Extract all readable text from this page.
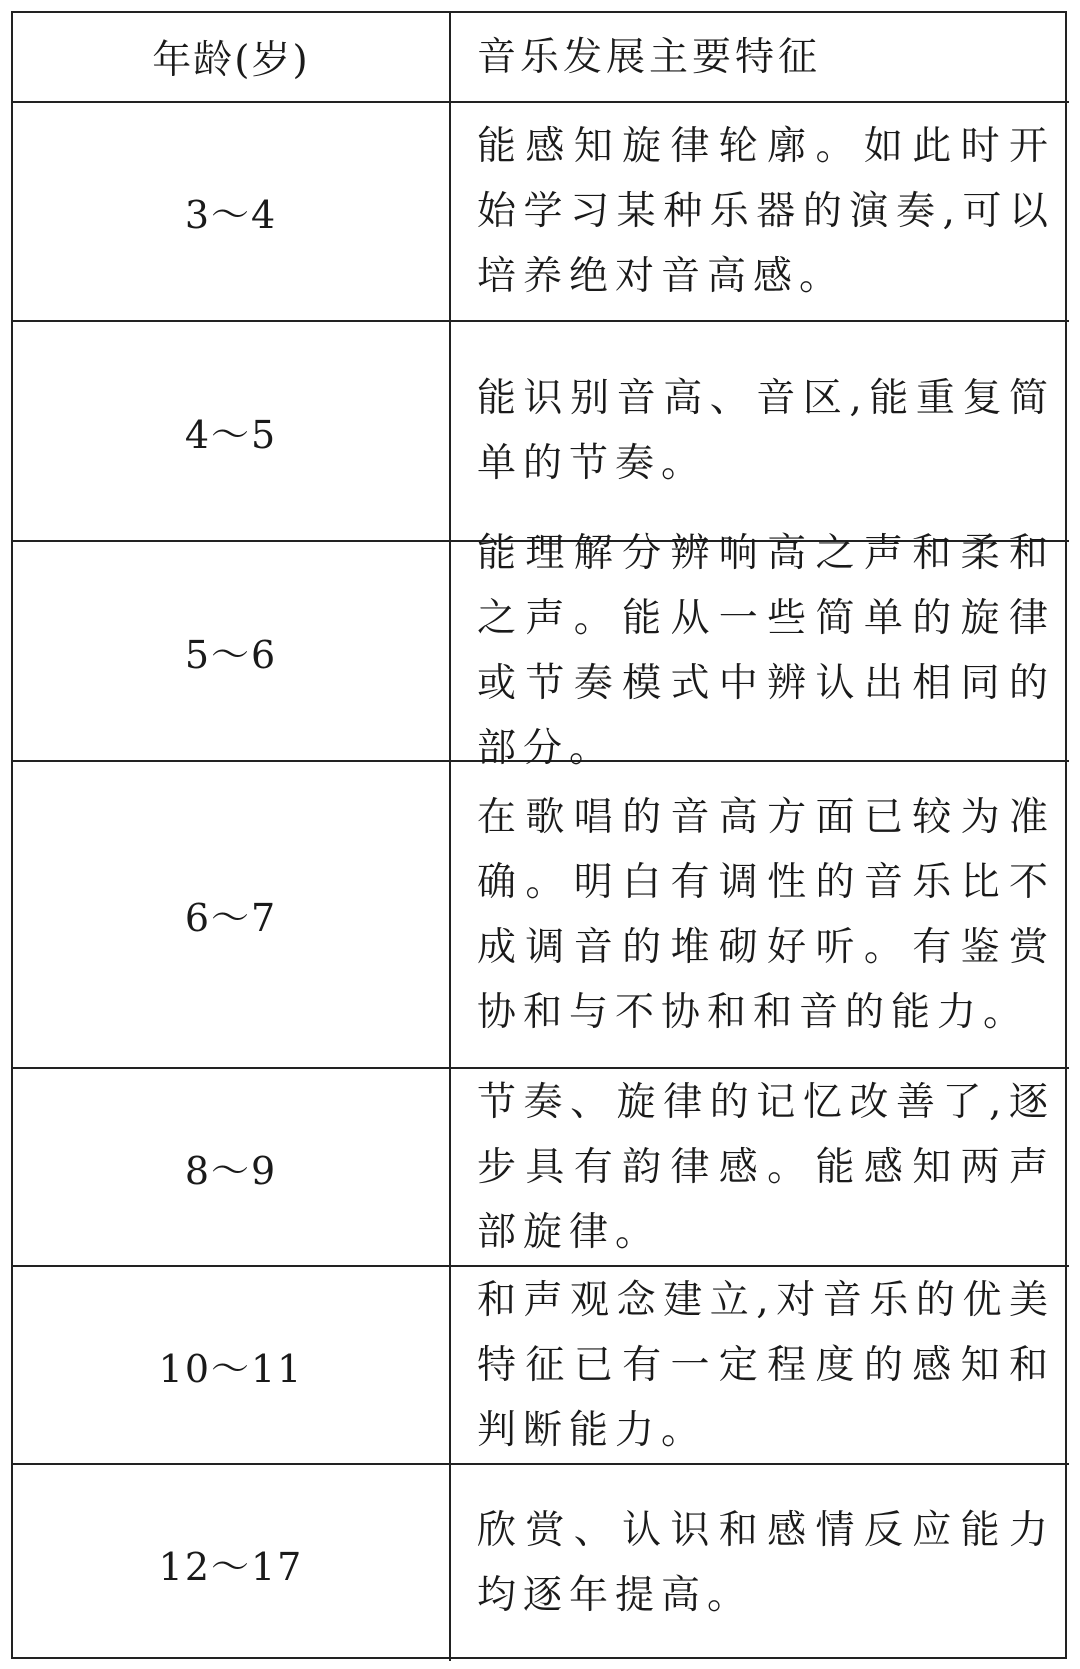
年龄(岁)	音乐发展主要特征
3～4
能感知旋律轮廓。如此时开始学习某种乐器的演奏,可以培养绝对音高感。
4～5
能识别音高、音区,能重复简单的节奏。
5～6
能理解分辨响高之声和柔和之声。能从一些简单的旋律或节奏模式中辨认出相同的部分。
6～7
在歌唱的音高方面已较为准确。明白有调性的音乐比不成调音的堆砌好听。有鉴赏协和与不协和和音的能力。
8～9
节奏、旋律的记忆改善了,逐步具有韵律感。能感知两声部旋律。
10～11
和声观念建立,对音乐的优美特征已有一定程度的感知和判断能力。
12～17
欣赏、认识和感情反应能力均逐年提高。
